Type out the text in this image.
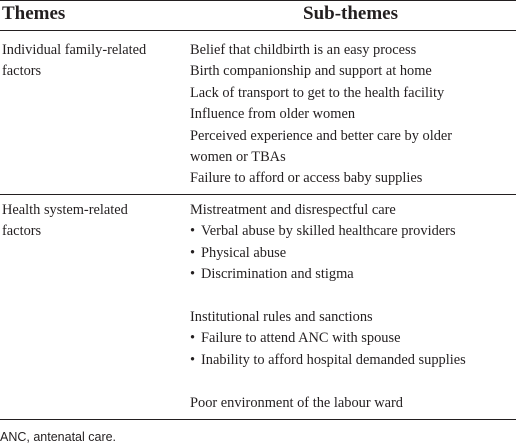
Themes	Sub-themes
Individual family-related
factors
Belief that childbirth is an easy process
Birth companionship and support at home
Lack of transport to get to the health facility
Influence from older women
Perceived experience and better care by older
women or TBAs
Failure to afford or access baby supplies
Health system-related
factors
Mistreatment and disrespectful care
• Verbal abuse by skilled healthcare providers
• Physical abuse
• Discrimination and stigma
Institutional rules and sanctions
• Failure to attend ANC with spouse
• Inability to afford hospital demanded supplies
Poor environment of the labour ward
ANC, antenatal care.
